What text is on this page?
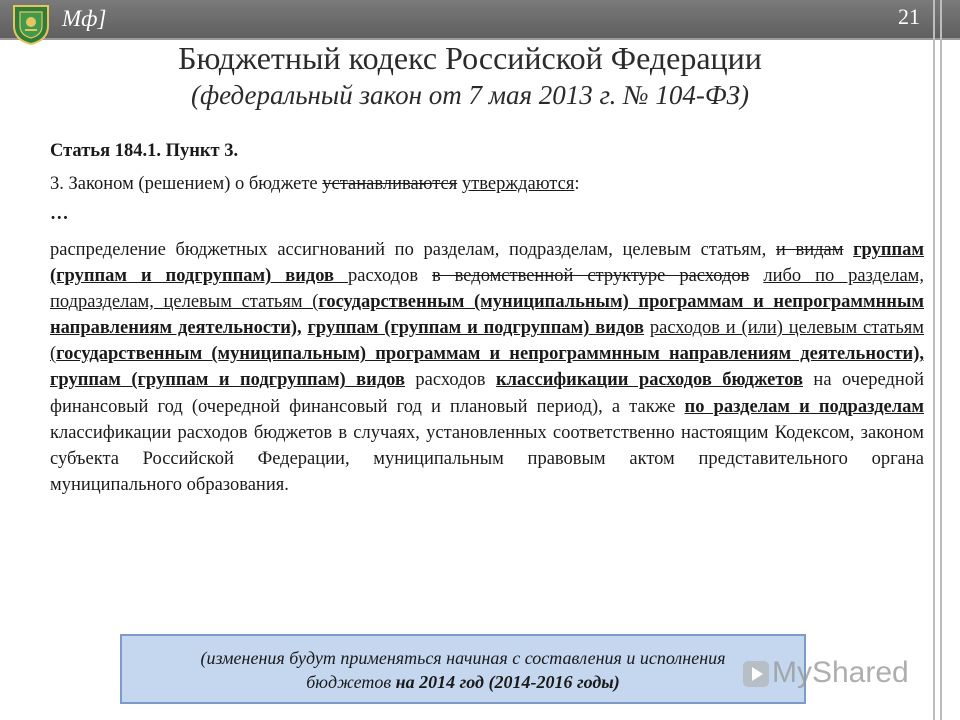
Мф]	21
Бюджетный кодекс Российской Федерации
(федеральный закон от 7 мая 2013 г. № 104-ФЗ)
Статья 184.1. Пункт 3.
3. Законом (решением) о бюджете устанавливаются утверждаются:
…
распределение бюджетных ассигнований по разделам, подразделам, целевым статьям, и видам группам (группам и подгруппам) видов расходов в ведомственной структуре расходов либо по разделам, подразделам, целевым статьям (государственным (муниципальным) программам и непрограммнным направлениям деятельности), группам (группам и подгруппам) видов расходов и (или) целевым статьям (государственным (муниципальным) программам и непрограммнным направлениям деятельности), группам (группам и подгруппам) видов расходов классификации расходов бюджетов на очередной финансовый год (очередной финансовый год и плановый период), а также по разделам и подразделам классификации расходов бюджетов в случаях, установленных соответственно настоящим Кодексом, законом субъекта Российской Федерации, муниципальным правовым актом представительного органа муниципального образования.
(изменения будут применяться начиная с составления и исполнения
бюджетов на 2014 год (2014-2016 годы)	MyShared
